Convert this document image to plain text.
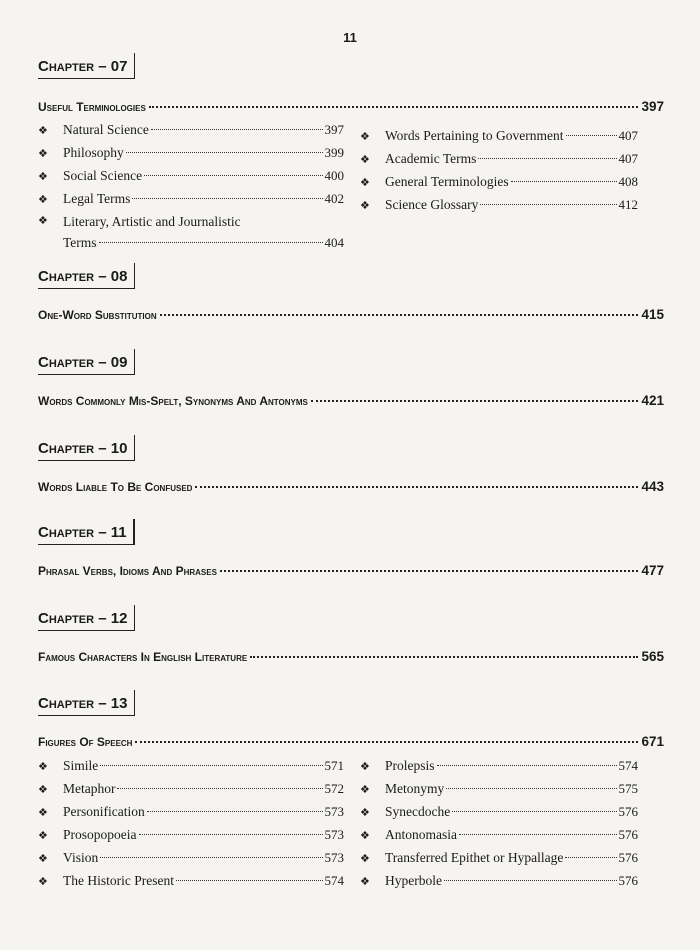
11
Chapter – 07
Useful Terminologies	397
❖	Natural Science	397
❖	Philosophy	399
❖	Social Science	400
❖	Legal Terms	402
❖	Literary, Artistic and Journalistic
Terms	404
❖	Words Pertaining to Government	407
❖	Academic Terms	407
❖	General Terminologies	408
❖	Science Glossary	412
Chapter – 08
One-Word Substitution	415
Chapter – 09
Words Commonly Mis-Spelt, Synonyms And Antonyms	421
Chapter – 10
Words Liable To Be Confused	443
Chapter – 11
Phrasal Verbs, Idioms And Phrases	477
Chapter – 12
Famous Characters In English Literature	565
Chapter – 13
Figures Of Speech	671
❖	Simile	571
❖	Metaphor	572
❖	Personification	573
❖	Prosopopoeia	573
❖	Vision	573
❖	The Historic Present	574
❖	Prolepsis	574
❖	Metonymy	575
❖	Synecdoche	576
❖	Antonomasia	576
❖	Transferred Epithet or Hypallage	576
❖	Hyperbole	576
